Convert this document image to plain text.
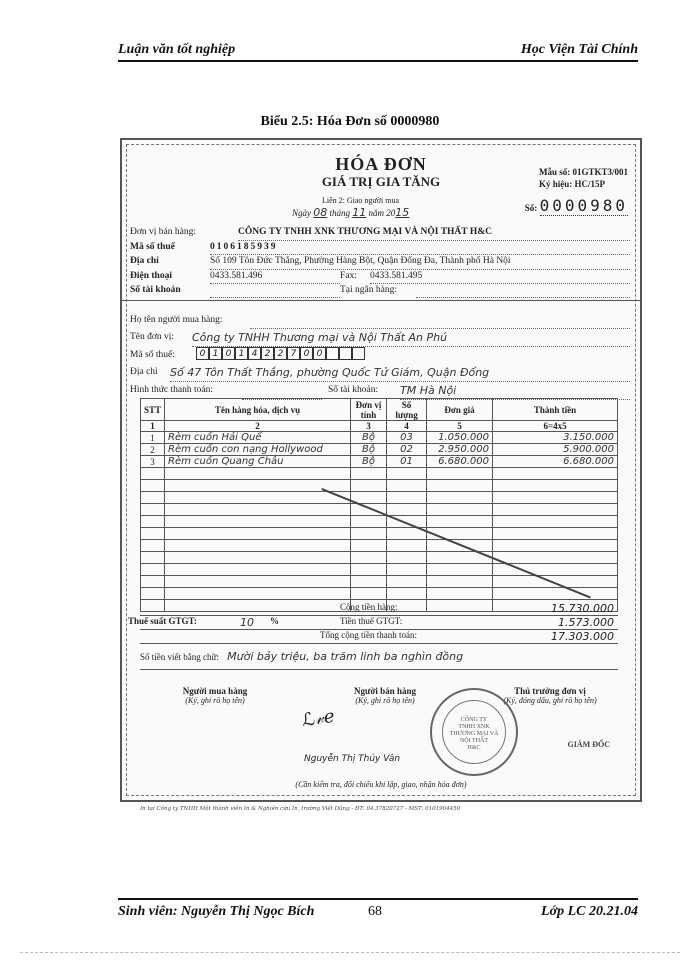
Luận văn tốt nghiệp	Học Viện Tài Chính
Biểu 2.5: Hóa Đơn số 0000980
HÓA ĐƠN
GIÁ TRỊ GIA TĂNG
Liên 2: Giao người mua
Ngày 08 tháng 11 năm 2015
Mẫu số: 01GTKT3/001
Ký hiệu: HC/15P
Số: 0000980
Đơn vị bán hàng:	CÔNG TY TNHH XNK THƯƠNG MẠI VÀ NỘI THẤT H&C
Mã số thuế	0106185939
Địa chỉ	Số 109 Tôn Đức Thắng, Phường Hàng Bột, Quận Đống Đa, Thành phố Hà Nội
Điện thoại	0433.581.496	Fax:	0433.581.495
Số tài khoản	Tại ngân hàng:
Họ tên người mua hàng:
Tên đơn vị:	Công ty TNHH Thương mại và Nội Thất An Phú
Mã số thuế:	0 1 0 1 4 2 2 7 0 0
Địa chỉ	Số 47 Tôn Thất Thắng, phường Quốc Tử Giám, Quận Đống
Hình thức thanh toán:	Số tài khoản:	TM Hà Nội
STT	Tên hàng hóa, dịch vụ	Đơn vị tính	Số lượng	Đơn giá	Thành tiền
1	2	3	4	5	6=4x5
1	Rèm cuốn Hải Quế	Bộ	03	1.050.000	3.150.000
2	Rèm cuốn con nạng Hollywood	Bộ	02	2.950.000	5.900.000
3	Rèm cuốn Quang Châu	Bộ	01	6.680.000	6.680.000

Cộng tiền hàng:	15.730.000
Thuế suất GTGT:	10 %	Tiền thuế GTGT:	1.573.000
Tổng cộng tiền thanh toán:	17.303.000
Số tiền viết bằng chữ: Mười bảy triệu, ba trăm linh ba nghìn đồng
Người mua hàng
(Ký, ghi rõ họ tên)
Người bán hàng
(Ký, ghi rõ họ tên)
Thủ trưởng đơn vị
(Ký, đóng dấu, ghi rõ họ tên)
ℒ𝓋ℯ
Nguyễn Thị Thúy Vân
CÔNG TY
TNHH XNK
THƯƠNG MẠI VÀ
NỘI THẤT
H&C	GIÁM ĐỐC
(Cần kiểm tra, đối chiếu khi lập, giao, nhận hóa đơn)
In tại Công ty TNHH Một thành viên In & Nghiên cứu In, trường Việt Dũng - ĐT: 04.37820727 - MST: 0101904450
Sinh viên: Nguyễn Thị Ngọc Bích	68	Lớp LC 20.21.04
